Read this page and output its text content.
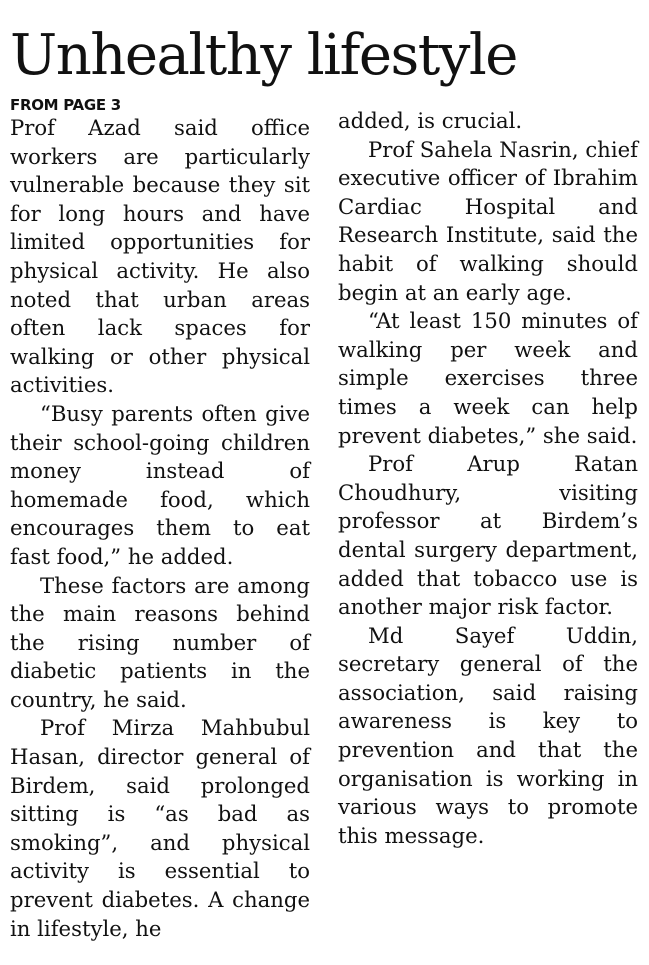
Unhealthy lifestyle

FROM PAGE 3

Prof Azad said office workers are particularly vulnerable because they sit for long hours and have limited opportunities for physical activity. He also noted that urban areas often lack spaces for walking or other physical activities.

“Busy parents often give their school-going children money instead of homemade food, which encourages them to eat fast food,” he added.

These factors are among the main reasons behind the rising number of diabetic patients in the country, he said.

Prof Mirza Mahbubul Hasan, director general of Birdem, said prolonged sitting is “as bad as smoking”, and physical activity is essential to prevent diabetes. A change in lifestyle, he

added, is crucial.

Prof Sahela Nasrin, chief executive officer of Ibrahim Cardiac Hospital and Research Institute, said the habit of walking should begin at an early age.

“At least 150 minutes of walking per week and simple exercises three times a week can help prevent diabetes,” she said.

Prof Arup Ratan Choudhury, visiting professor at Birdem’s dental surgery department, added that tobacco use is another major risk factor.

Md Sayef Uddin, secretary general of the association, said raising awareness is key to prevention and that the organisation is working in various ways to promote this message.
